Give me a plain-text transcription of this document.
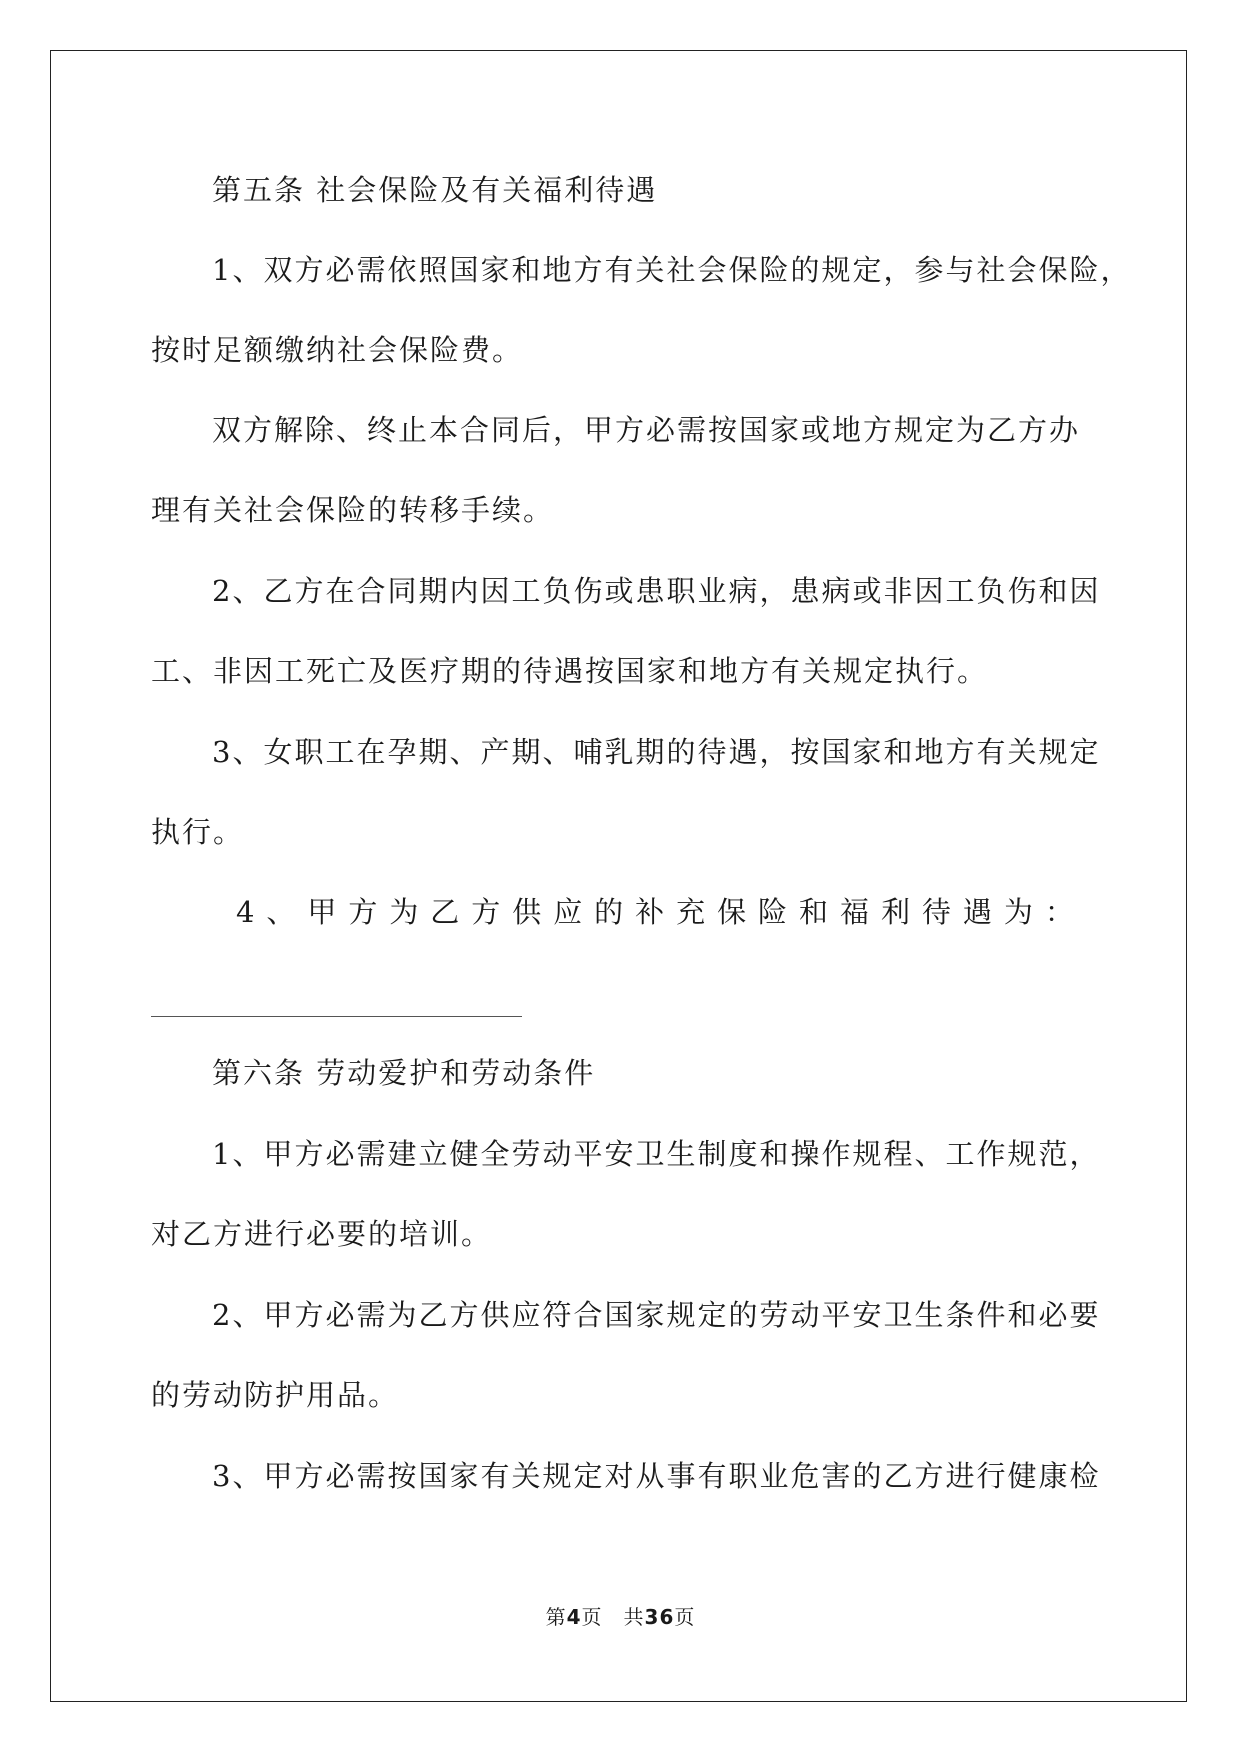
第五条 社会保险及有关福利待遇
1、双方必需依照国家和地方有关社会保险的规定，参与社会保险，
按时足额缴纳社会保险费。
双方解除、终止本合同后，甲方必需按国家或地方规定为乙方办
理有关社会保险的转移手续。
2、乙方在合同期内因工负伤或患职业病，患病或非因工负伤和因
工、非因工死亡及医疗期的待遇按国家和地方有关规定执行。
3、女职工在孕期、产期、哺乳期的待遇，按国家和地方有关规定
执行。
4 、 甲 方 为 乙 方 供 应 的 补 充 保 险 和 福 利 待 遇 为 ：
第六条 劳动爱护和劳动条件
1、甲方必需建立健全劳动平安卫生制度和操作规程、工作规范，
对乙方进行必要的培训。
2、甲方必需为乙方供应符合国家规定的劳动平安卫生条件和必要
的劳动防护用品。
3、甲方必需按国家有关规定对从事有职业危害的乙方进行健康检
第4页　共36页
